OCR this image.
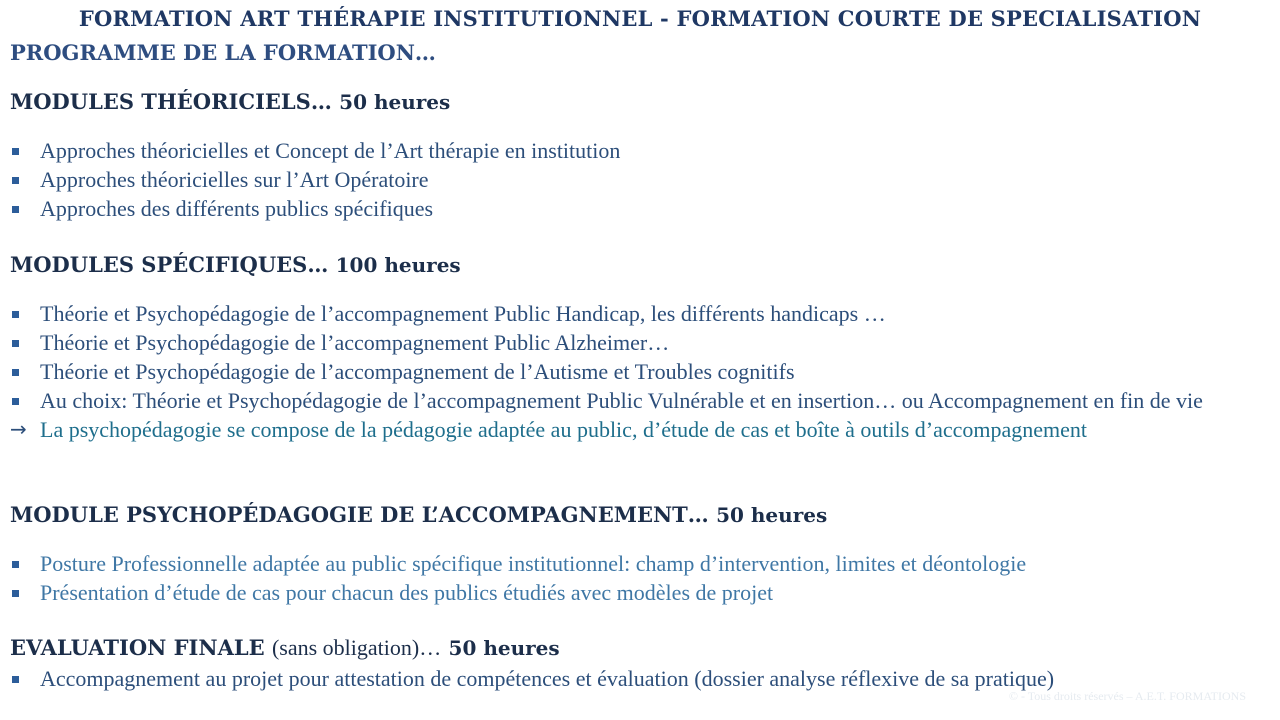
FORMATION ART THÉRAPIE INSTITUTIONNEL - FORMATION COURTE DE SPECIALISATION
PROGRAMME DE LA FORMATION…
MODULES THÉORICIELS… 50 heures
Approches théoricielles et Concept de l’Art thérapie en institution
Approches théoricielles sur l’Art Opératoire
Approches des différents publics spécifiques
MODULES SPÉCIFIQUES… 100 heures
Théorie et Psychopédagogie de l’accompagnement Public Handicap, les différents handicaps …
Théorie et Psychopédagogie de l’accompagnement Public Alzheimer…
Théorie et Psychopédagogie de l’accompagnement de l’Autisme et Troubles cognitifs
Au choix: Théorie et Psychopédagogie de l’accompagnement Public Vulnérable et en insertion… ou Accompagnement en fin de vie
→ La psychopédagogie se compose de la pédagogie adaptée au public, d’étude de cas et boîte à outils d’accompagnement
MODULE PSYCHOPÉDAGOGIE DE L’ACCOMPAGNEMENT… 50 heures
Posture Professionnelle adaptée au public spécifique institutionnel: champ d’intervention, limites et déontologie
Présentation d’étude de cas pour chacun des publics étudiés avec modèles de projet
EVALUATION FINALE (sans obligation)… 50 heures
Accompagnement au projet pour attestation de compétences et évaluation (dossier analyse réflexive de sa pratique)
© - Tous droits réservés – A.E.T. FORMATIONS
